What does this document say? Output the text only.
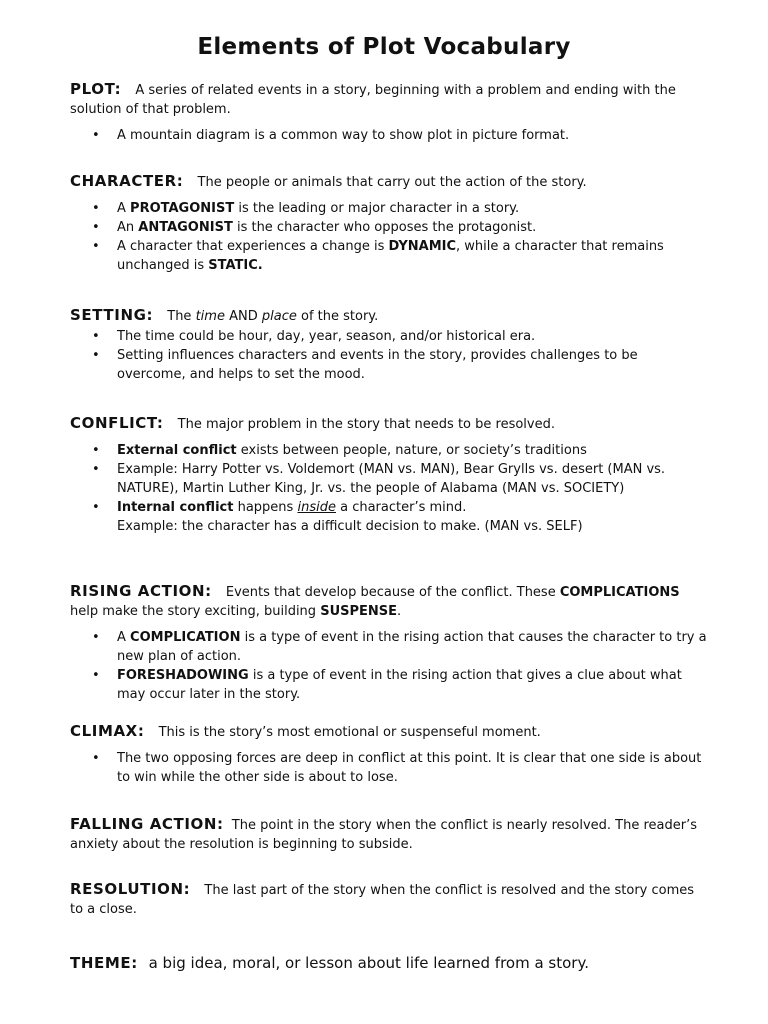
Elements of Plot Vocabulary
PLOT: A series of related events in a story, beginning with a problem and ending with the solution of that problem.
• A mountain diagram is a common way to show plot in picture format.
CHARACTER: The people or animals that carry out the action of the story.
• A PROTAGONIST is the leading or major character in a story.
• An ANTAGONIST is the character who opposes the protagonist.
• A character that experiences a change is DYNAMIC, while a character that remains unchanged is STATIC.
SETTING: The time AND place of the story.
• The time could be hour, day, year, season, and/or historical era.
• Setting influences characters and events in the story, provides challenges to be overcome, and helps to set the mood.
CONFLICT: The major problem in the story that needs to be resolved.
• External conflict exists between people, nature, or society’s traditions
• Example: Harry Potter vs. Voldemort (MAN vs. MAN), Bear Grylls vs. desert (MAN vs. NATURE), Martin Luther King, Jr. vs. the people of Alabama (MAN vs. SOCIETY)
• Internal conflict happens inside a character’s mind.
Example: the character has a difficult decision to make. (MAN vs. SELF)
RISING ACTION: Events that develop because of the conflict. These COMPLICATIONS help make the story exciting, building SUSPENSE.
• A COMPLICATION is a type of event in the rising action that causes the character to try a new plan of action.
• FORESHADOWING is a type of event in the rising action that gives a clue about what may occur later in the story.
CLIMAX: This is the story’s most emotional or suspenseful moment.
• The two opposing forces are deep in conflict at this point. It is clear that one side is about to win while the other side is about to lose.
FALLING ACTION: The point in the story when the conflict is nearly resolved. The reader’s anxiety about the resolution is beginning to subside.
RESOLUTION: The last part of the story when the conflict is resolved and the story comes to a close.
THEME: a big idea, moral, or lesson about life learned from a story.
